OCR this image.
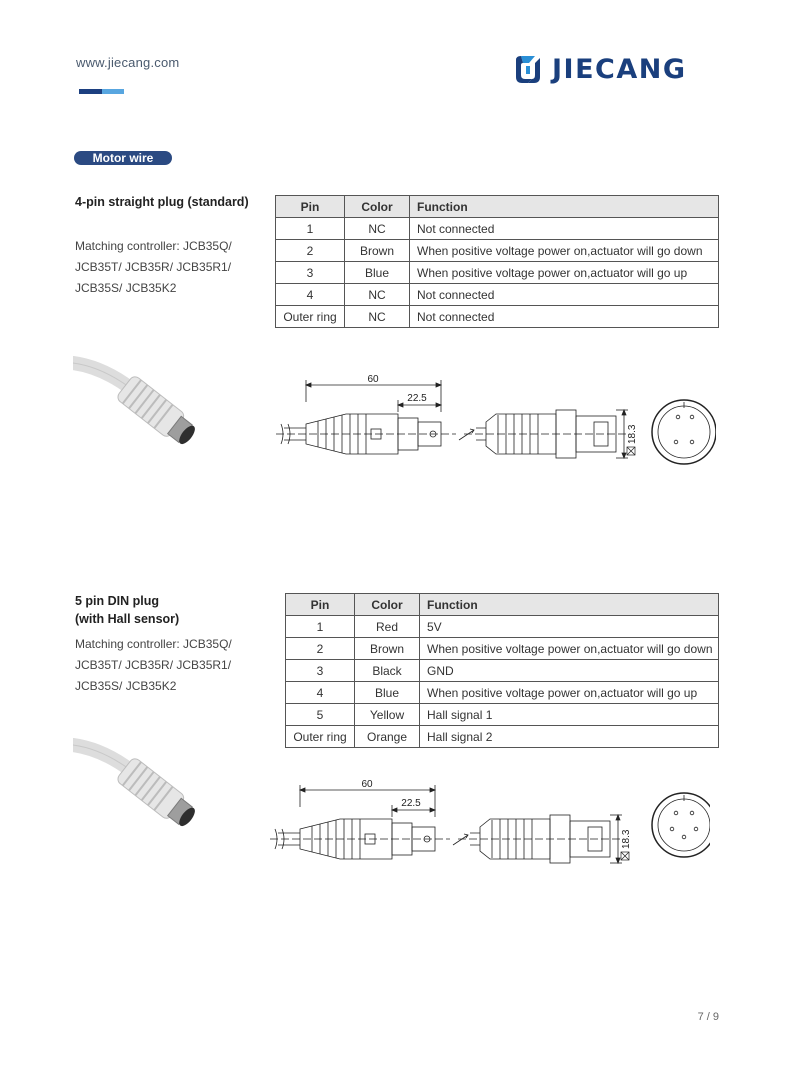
www.jiecang.com	JIECANG
Motor wire
4-pin straight plug (standard)
Matching controller: JCB35Q/ JCB35T/ JCB35R/ JCB35R1/ JCB35S/ JCB35K2
Pin	Color	Function
1	NC	Not connected
2	Brown	When positive voltage power on,actuator will go down
3	Blue	When positive voltage power on,actuator will go up
4	NC	Not connected
Outer ring	NC	Not connected
60
22.5
18.3
5 pin DIN plug
(with Hall sensor)
Matching controller: JCB35Q/ JCB35T/ JCB35R/ JCB35R1/ JCB35S/ JCB35K2
Pin	Color	Function
1	Red	5V
2	Brown	When positive voltage power on,actuator will go down
3	Black	GND
4	Blue	When positive voltage power on,actuator will go up
5	Yellow	Hall signal 1
Outer ring	Orange	Hall signal 2
60
22.5
18.3
7 / 9
